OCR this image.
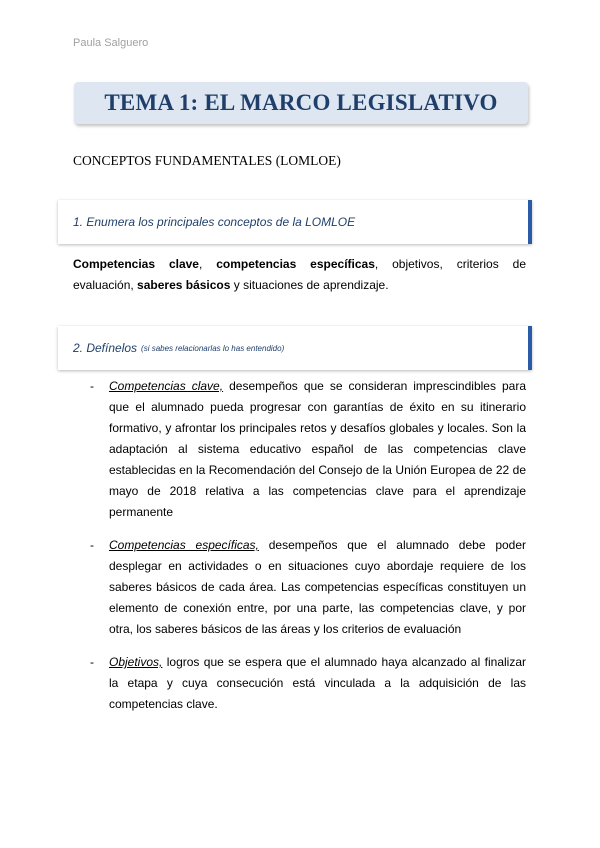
Paula Salguero
TEMA 1: EL MARCO LEGISLATIVO
CONCEPTOS FUNDAMENTALES (LOMLOE)
1. Enumera los principales conceptos de la LOMLOE

Competencias clave, competencias específicas, objetivos, criterios de evaluación, saberes básicos y situaciones de aprendizaje.

2. Defínelos (si sabes relacionarlas lo has entendido)
- Competencias clave, desempeños que se consideran imprescindibles para que el alumnado pueda progresar con garantías de éxito en su itinerario formativo, y afrontar los principales retos y desafíos globales y locales. Son la adaptación al sistema educativo español de las competencias clave establecidas en la Recomendación del Consejo de la Unión Europea de 22 de mayo de 2018 relativa a las competencias clave para el aprendizaje permanente
- Competencias específicas, desempeños que el alumnado debe poder desplegar en actividades o en situaciones cuyo abordaje requiere de los saberes básicos de cada área. Las competencias específicas constituyen un elemento de conexión entre, por una parte, las competencias clave, y por otra, los saberes básicos de las áreas y los criterios de evaluación
- Objetivos, logros que se espera que el alumnado haya alcanzado al finalizar la etapa y cuya consecución está vinculada a la adquisición de las competencias clave.
